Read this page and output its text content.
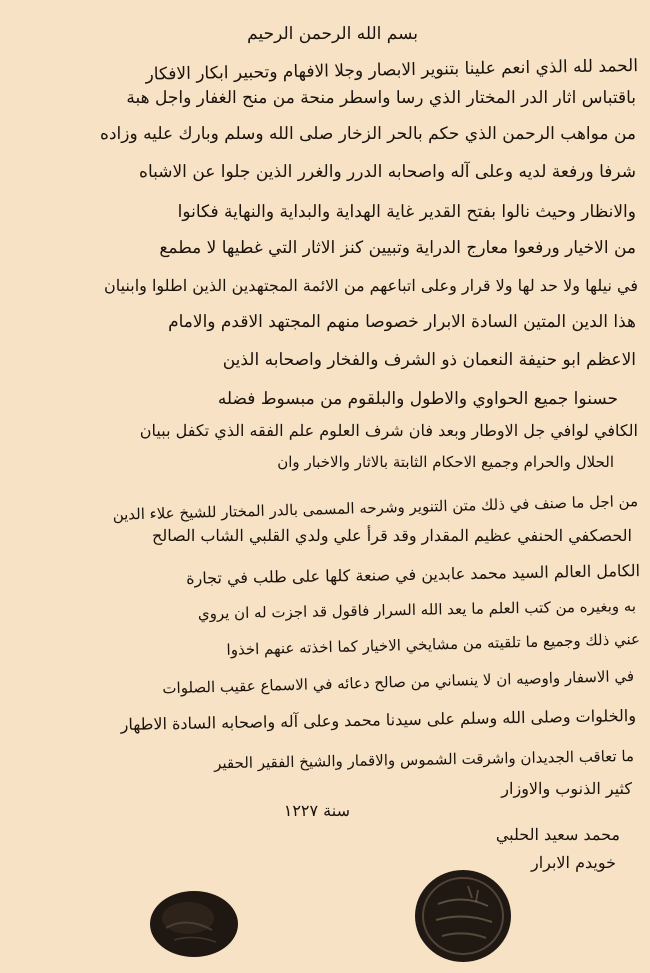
بسم الله الرحمن الرحيم
الحمد لله الذي انعم علينا بتنوير الابصار وجلا الافهام وتحبير ابكار الافكار
باقتباس اثار الدر المختار الذي رسا واسطر منحة من منح الغفار واجل هبة
من مواهب الرحمن الذي حكم بالحر الزخار صلى الله وسلم وبارك عليه وزاده
شرفا ورفعة لديه وعلى آله واصحابه الدرر والغرر الذين جلوا عن الاشباه
والانظار وحيث نالوا بفتح القدير غاية الهداية والبداية والنهاية فكانوا
من الاخيار ورفعوا معارج الدراية وتبيين كنز الاثار التي غطيها لا مطمع
في نيلها ولا حد لها ولا قرار وعلى اتباعهم من الائمة المجتهدين الذين اطلوا وابنيان
هذا الدين المتين السادة الابرار خصوصا منهم المجتهد الاقدم والامام
الاعظم ابو حنيفة النعمان ذو الشرف والفخار واصحابه الذين
حسنوا جميع الحواوي والاطول والبلقوم من مبسوط فضله
الكافي لوافي جل الاوطار وبعد فان شرف العلوم علم الفقه الذي تكفل ببيان
الحلال والحرام وجميع الاحكام الثابتة بالاثار والاخبار وان
من اجل ما صنف في ذلك متن التنوير وشرحه المسمى بالدر المختار للشيخ علاء الدين
الحصكفي الحنفي عظيم المقدار وقد قرأ علي ولدي القلبي الشاب الصالح
الكامل العالم السيد محمد عابدين في صنعة كلها على طلب في تجارة
به وبغيره من كتب العلم ما يعد الله السرار فاقول قد اجزت له ان يروي
عني ذلك وجميع ما تلقيته من مشايخي الاخيار كما اخذته عنهم اخذوا
في الاسفار واوصيه ان لا ينساني من صالح دعائه في الاسماع عقيب الصلوات
والخلوات وصلى الله وسلم على سيدنا محمد وعلى آله واصحابه السادة الاطهار
ما تعاقب الجديدان واشرقت الشموس والاقمار والشيخ الفقير الحقير
كثير الذنوب والاوزار
سنة ١٢٢٧
محمد سعيد الحلبي
خويدم الابرار
